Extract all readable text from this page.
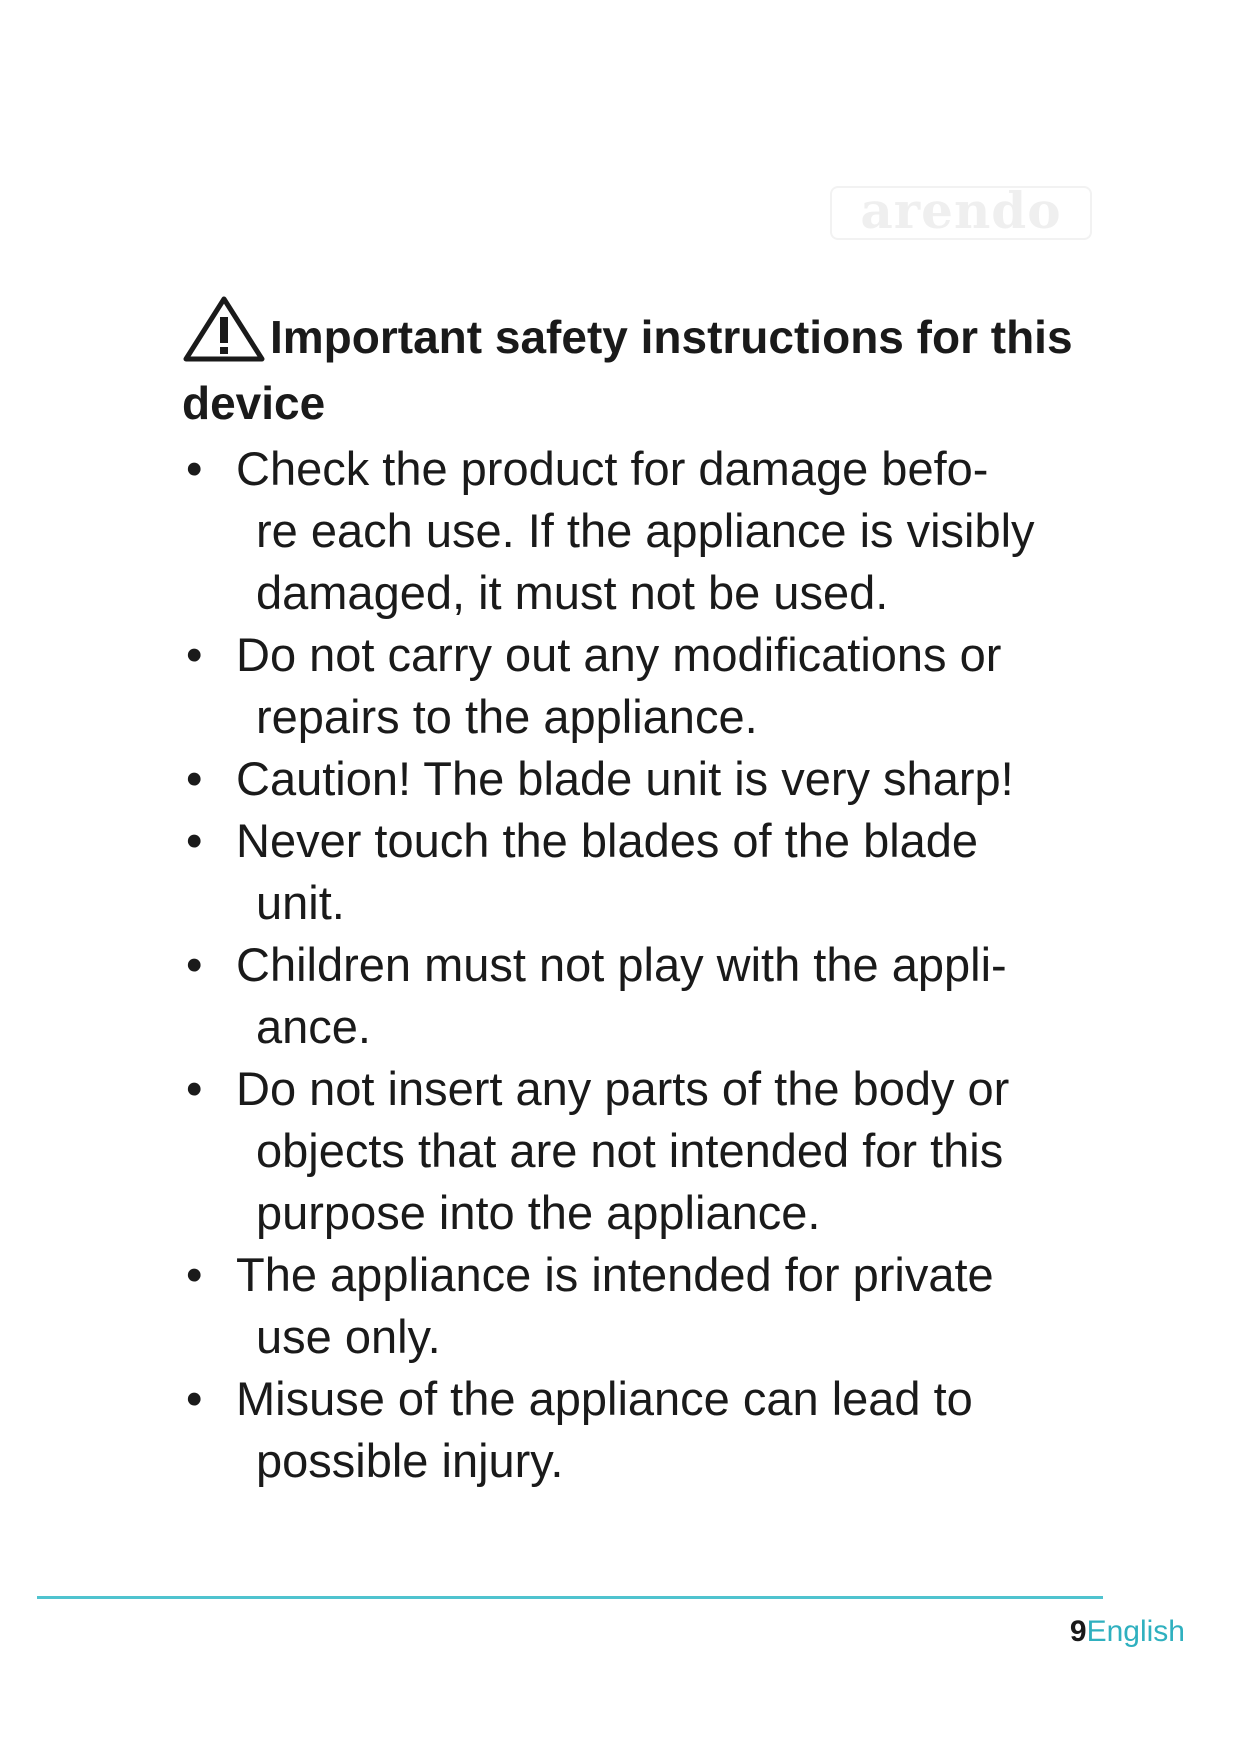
arendo
Important safety instructions for this device
• Check the product for damage befo-
re each use. If the appliance is visibly
damaged, it must not be used.
• Do not carry out any modifications or
repairs to the appliance.
• Caution! The blade unit is very sharp!
• Never touch the blades of the blade
unit.
• Children must not play with the appli-
ance.
• Do not insert any parts of the body or
objects that are not intended for this
purpose into the appliance.
• The appliance is intended for private
use only.
• Misuse of the appliance can lead to
possible injury.
9English
